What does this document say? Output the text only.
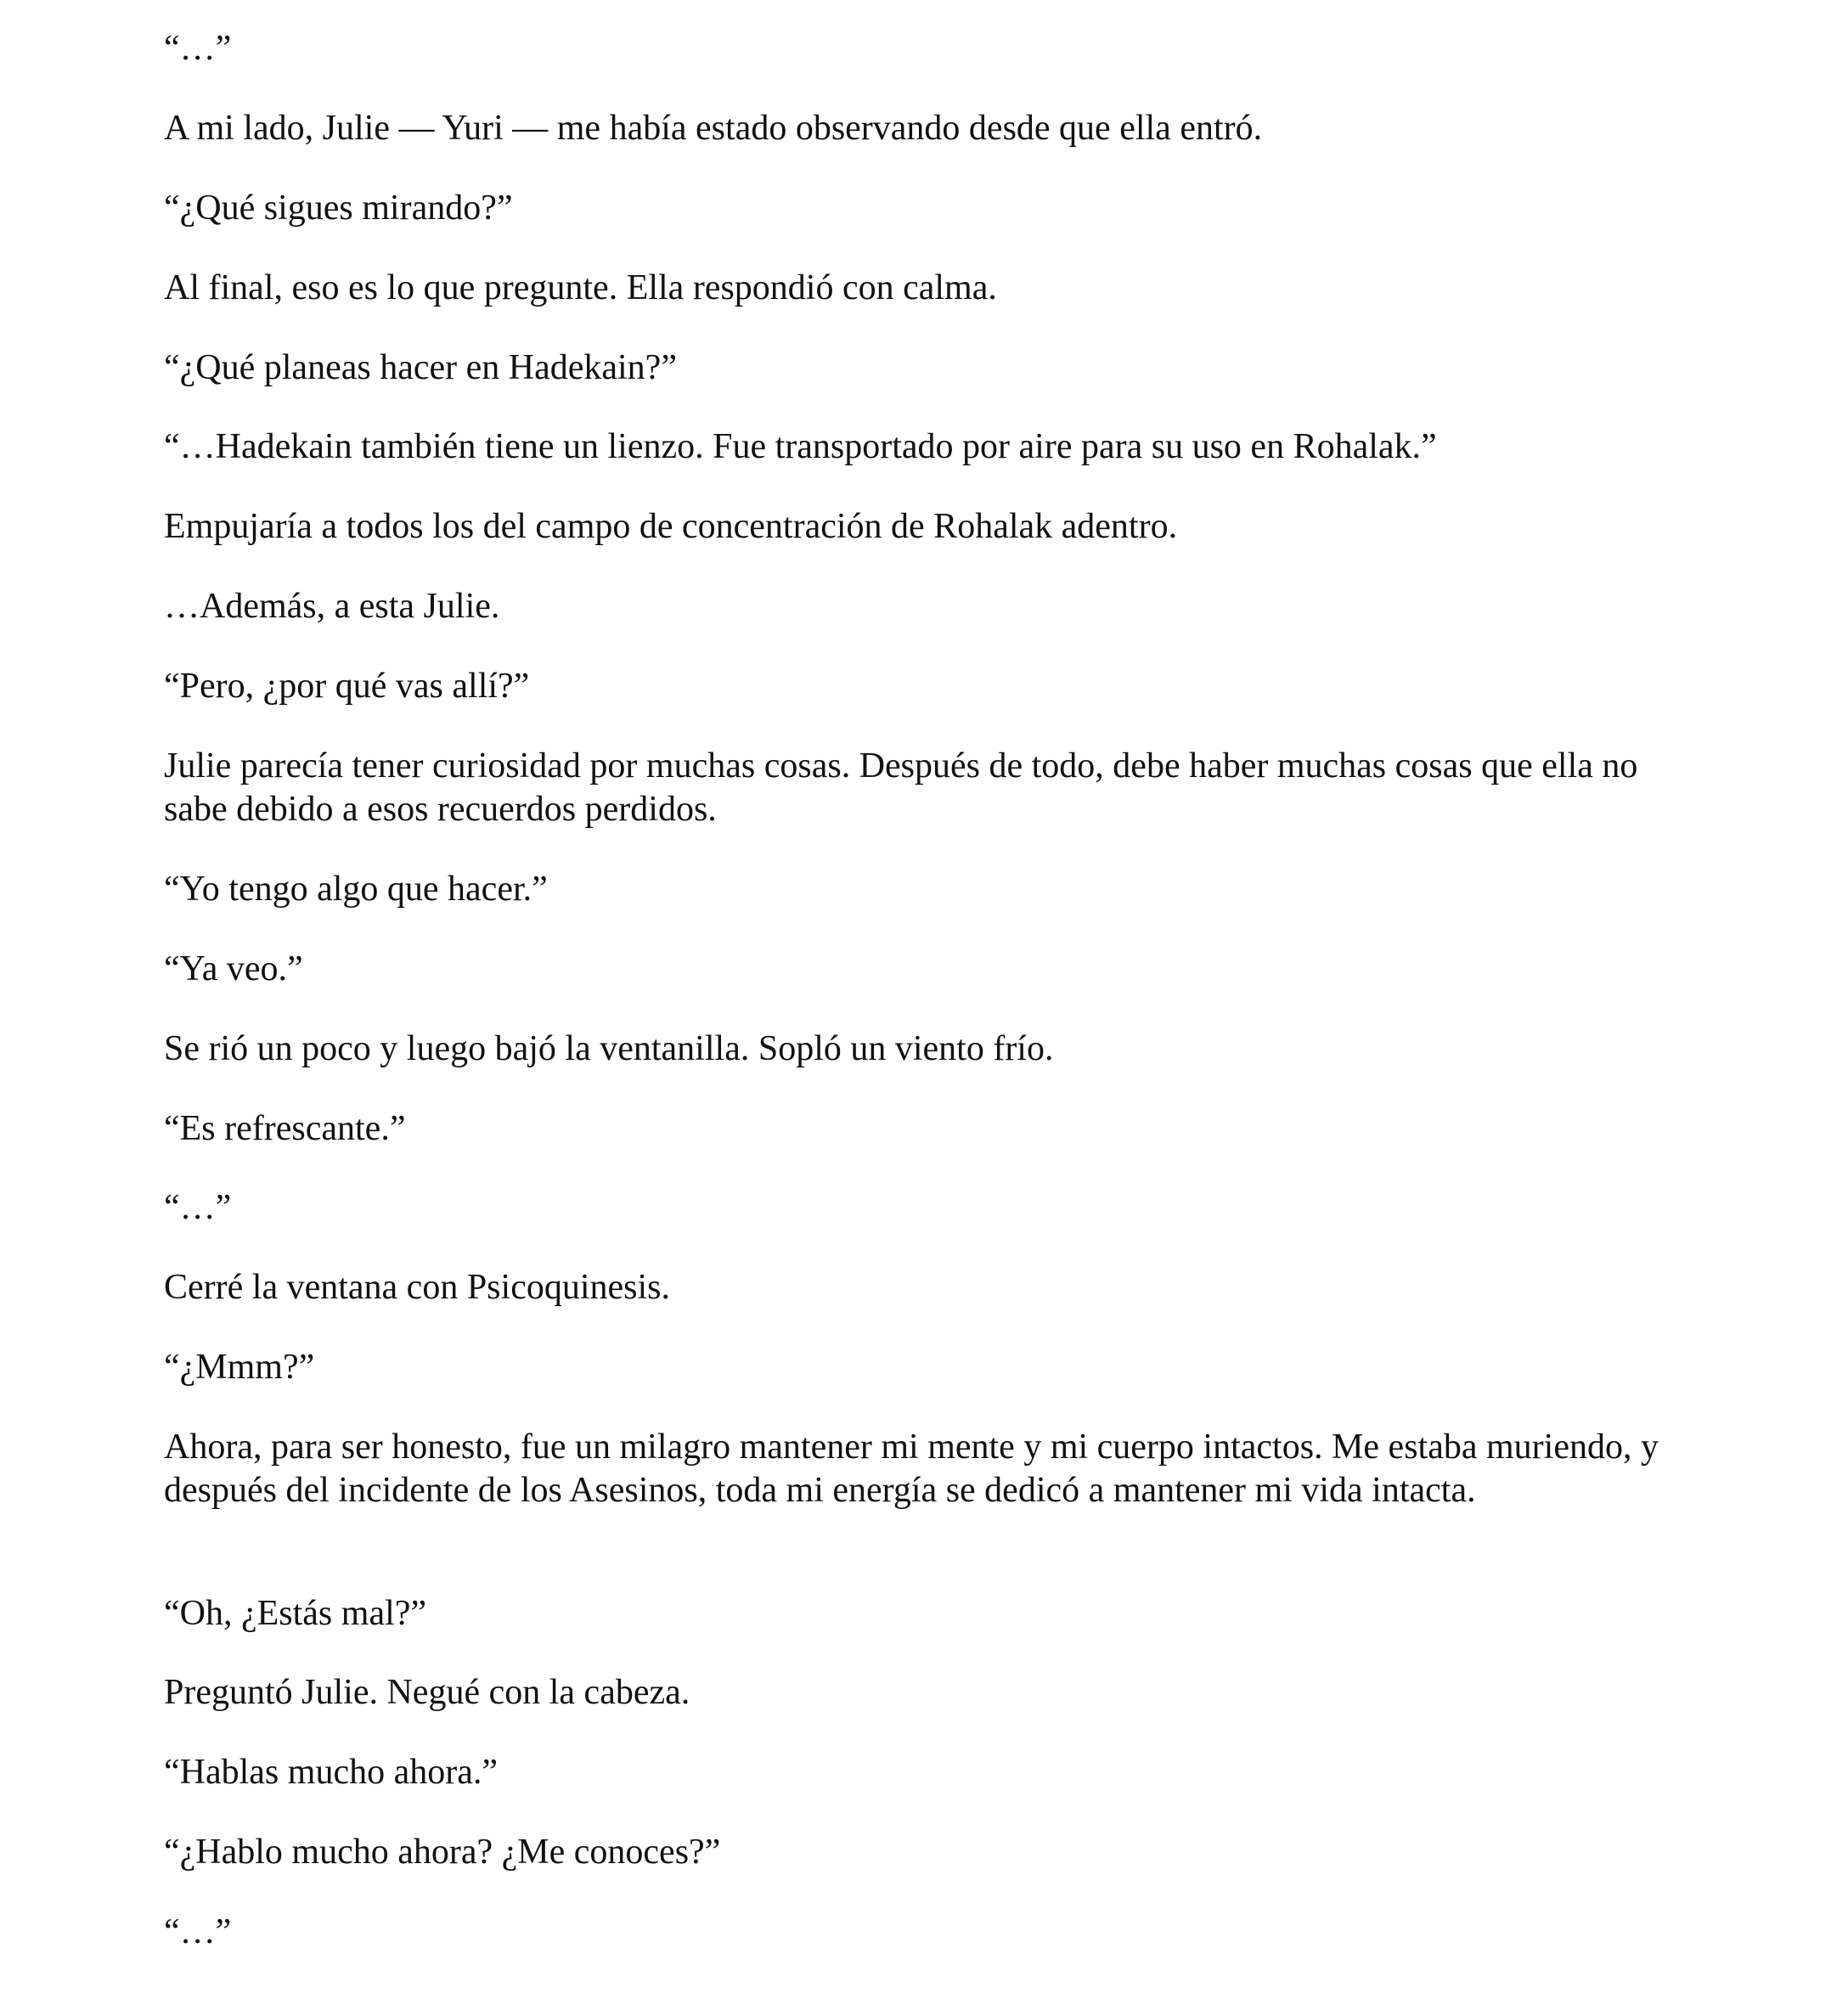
“…”

A mi lado, Julie — Yuri — me había estado observando desde que ella entró.

“¿Qué sigues mirando?”

Al final, eso es lo que pregunte. Ella respondió con calma.

“¿Qué planeas hacer en Hadekain?”

“…Hadekain también tiene un lienzo. Fue transportado por aire para su uso en Rohalak.”

Empujaría a todos los del campo de concentración de Rohalak adentro.

…Además, a esta Julie.

“Pero, ¿por qué vas allí?”

Julie parecía tener curiosidad por muchas cosas. Después de todo, debe haber muchas cosas que ella no sabe debido a esos recuerdos perdidos.

“Yo tengo algo que hacer.”

“Ya veo.”

Se rió un poco y luego bajó la ventanilla. Sopló un viento frío.

“Es refrescante.”

“…”

Cerré la ventana con Psicoquinesis.

“¿Mmm?”

Ahora, para ser honesto, fue un milagro mantener mi mente y mi cuerpo intactos. Me estaba muriendo, y después del incidente de los Asesinos, toda mi energía se dedicó a mantener mi vida intacta.

“Oh, ¿Estás mal?”

Preguntó Julie. Negué con la cabeza.

“Hablas mucho ahora.”

“¿Hablo mucho ahora? ¿Me conoces?”

“…”
